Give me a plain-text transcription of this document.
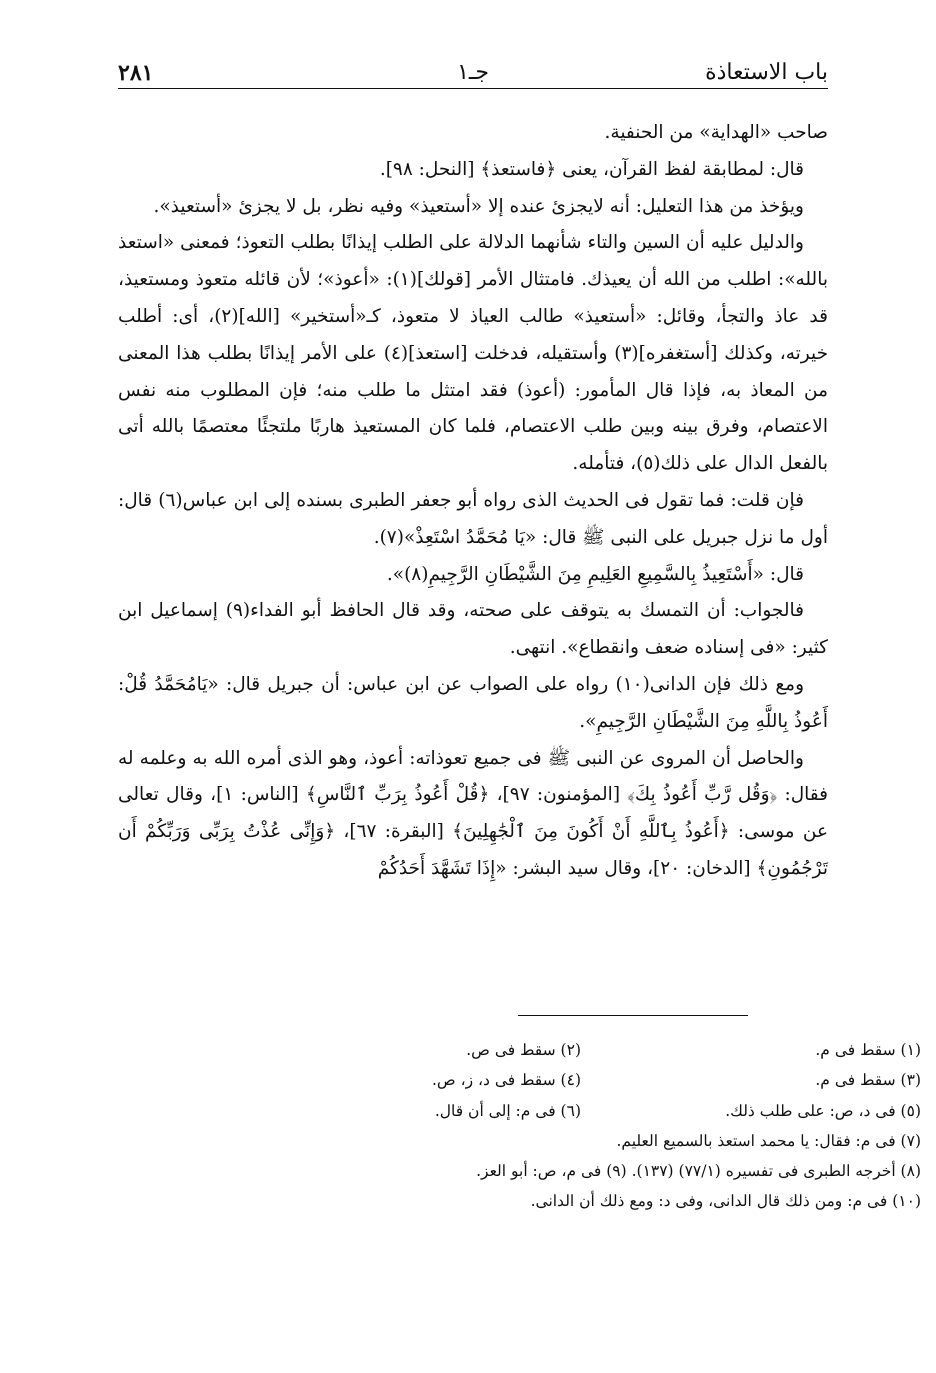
باب الاستعاذة
جـ١
٢٨١

صاحب «الهداية» من الحنفية.

قال: لمطابقة لفظ القرآن، يعنى ﴿فاستعذ﴾ [النحل: ٩٨].

ويؤخذ من هذا التعليل: أنه لايجزئ عنده إلا «أستعيذ» وفيه نظر، بل لا يجزئ «أستعيذ».

والدليل عليه أن السين والتاء شأنهما الدلالة على الطلب إيذانًا بطلب التعوذ؛ فمعنى «استعذ بالله»: اطلب من الله أن يعيذك. فامتثال الأمر [قولك](١): «أعوذ»؛ لأن قائله متعوذ ومستعيذ، قد عاذ والتجأ، وقائل: «أستعيذ» طالب العياذ لا متعوذ، كـ«أستخير» [الله](٢)، أى: أطلب خيرته، وكذلك [أستغفره](٣) وأستقيله، فدخلت [استعذ](٤) على الأمر إيذانًا بطلب هذا المعنى من المعاذ به، فإذا قال المأمور: (أعوذ) فقد امتثل ما طلب منه؛ فإن المطلوب منه نفس الاعتصام، وفرق بينه وبين طلب الاعتصام، فلما كان المستعيذ هاربًا ملتجئًا معتصمًا بالله أتى بالفعل الدال على ذلك(٥)، فتأمله.

فإن قلت: فما تقول فى الحديث الذى رواه أبو جعفر الطبرى بسنده إلى ابن عباس(٦) قال: أول ما نزل جبريل على النبى ﷺ قال: «يَا مُحَمَّدُ اسْتَعِذْ»(٧).

قال: «أَسْتَعِيذُ بِالسَّمِيعِ العَلِيمِ مِنَ الشَّيْطَانِ الرَّجِيمِ(٨)».

فالجواب: أن التمسك به يتوقف على صحته، وقد قال الحافظ أبو الفداء(٩) إسماعيل ابن كثير: «فى إسناده ضعف وانقطاع». انتهى.

ومع ذلك فإن الدانى(١٠) رواه على الصواب عن ابن عباس: أن جبريل قال: «يَامُحَمَّدُ قُلْ: أَعُوذُ بِاللَّهِ مِنَ الشَّيْطَانِ الرَّجِيمِ».

والحاصل أن المروى عن النبى ﷺ فى جميع تعوذاته: أعوذ، وهو الذى أمره الله به وعلمه له فقال: ﴿وَقُل رَّبِّ أَعُوذُ بِكَ﴾ [المؤمنون: ٩٧]، ﴿قُلْ أَعُوذُ بِرَبِّ ٱلنَّاسِ﴾ [الناس: ١]، وقال تعالى عن موسى: ﴿أَعُوذُ بِٱللَّهِ أَنْ أَكُونَ مِنَ ٱلْجَٰهِلِينَ﴾ [البقرة: ٦٧]، ﴿وَإِنِّى عُذْتُ بِرَبِّى وَرَبِّكُمْ أَن تَرْجُمُونِ﴾ [الدخان: ٢٠]، وقال سيد البشر: «إِذَا تَشَهَّدَ أَحَدُكُمْ

(١) سقط فى م.
(٢) سقط فى ص.
(٣) سقط فى م.
(٤) سقط فى د، ز، ص.
(٥) فى د، ص: على طلب ذلك.
(٦) فى م: إلى أن قال.
(٧) فى م: فقال: يا محمد استعذ بالسميع العليم.
(٨) أخرجه الطبرى فى تفسيره (٧٧/١) (١٣٧). (٩) فى م، ص: أبو العز.
(١٠) فى م: ومن ذلك قال الدانى، وفى د: ومع ذلك أن الدانى.
